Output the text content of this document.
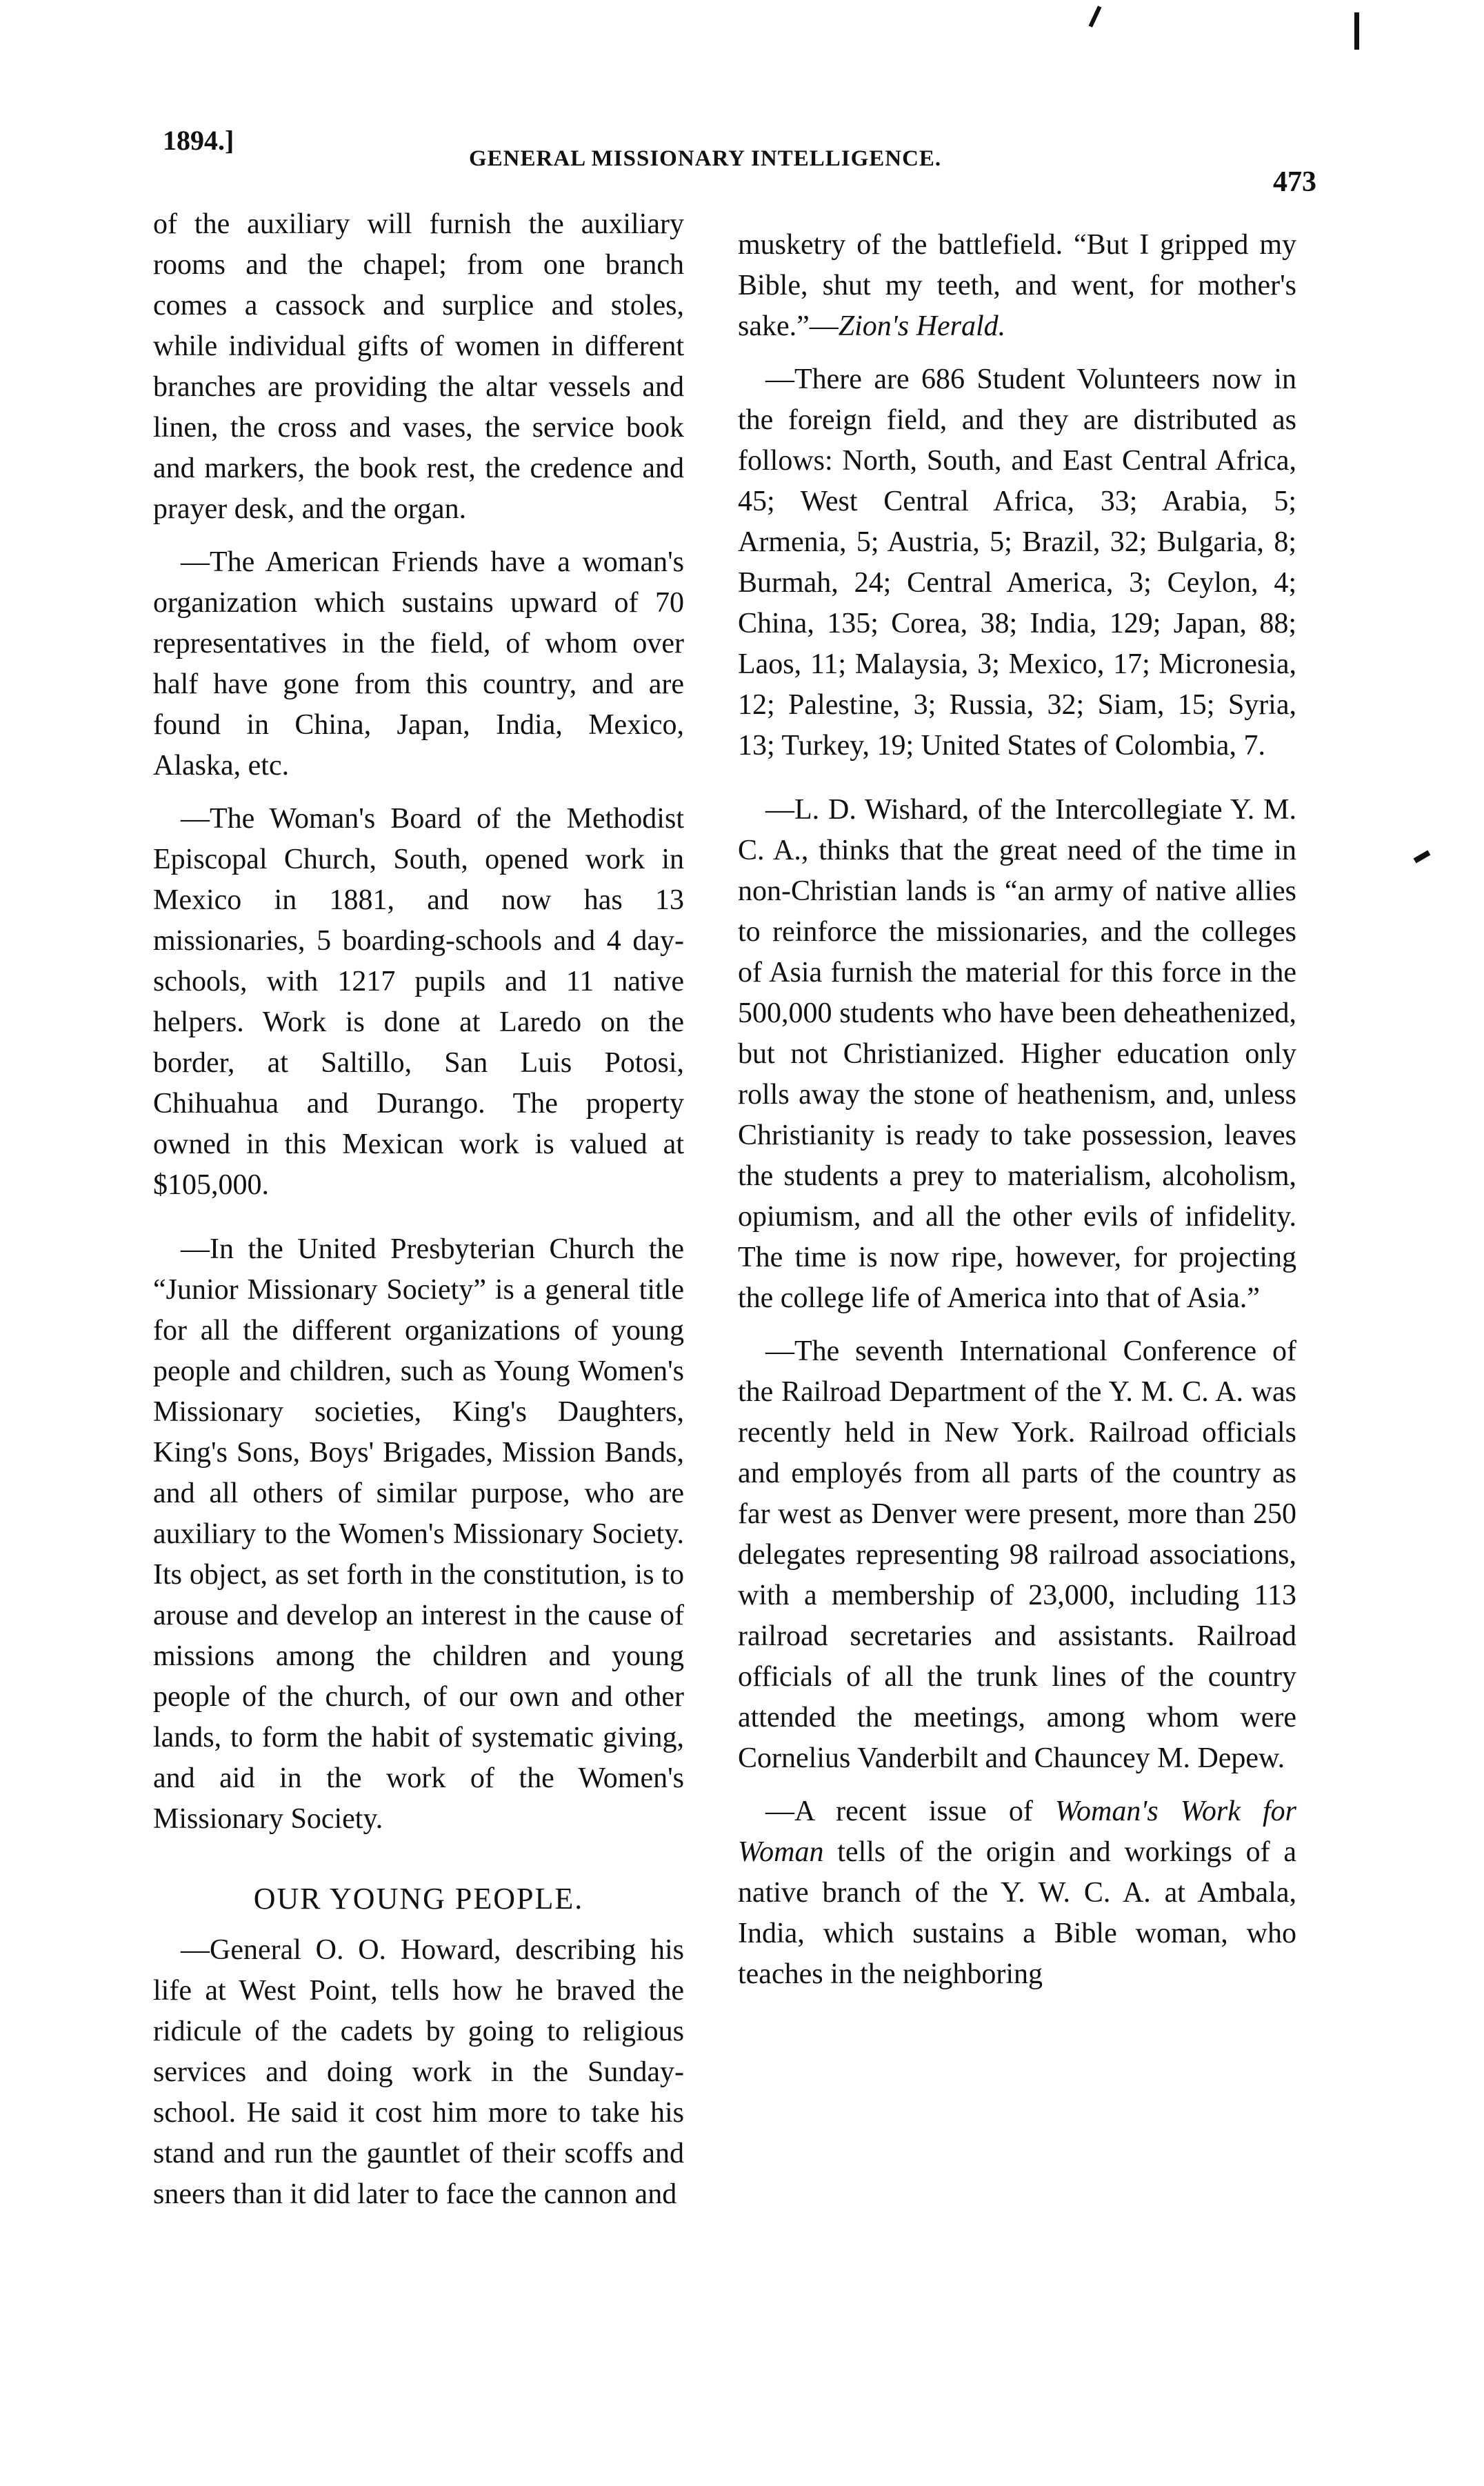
1894.]
GENERAL MISSIONARY INTELLIGENCE.
473

of the auxiliary will furnish the auxiliary rooms and the chapel; from one branch comes a cassock and surplice and stoles, while individual gifts of women in different branches are providing the altar vessels and linen, the cross and vases, the service book and markers, the book rest, the credence and prayer desk, and the organ.

—The American Friends have a woman's organization which sustains upward of 70 representatives in the field, of whom over half have gone from this country, and are found in China, Japan, India, Mexico, Alaska, etc.

—The Woman's Board of the Methodist Episcopal Church, South, opened work in Mexico in 1881, and now has 13 missionaries, 5 boarding-schools and 4 day-schools, with 1217 pupils and 11 native helpers. Work is done at Laredo on the border, at Saltillo, San Luis Potosi, Chihuahua and Durango. The property owned in this Mexican work is valued at $105,000.

—In the United Presbyterian Church the “Junior Missionary Society” is a general title for all the different organizations of young people and children, such as Young Women's Missionary societies, King's Daughters, King's Sons, Boys' Brigades, Mission Bands, and all others of similar purpose, who are auxiliary to the Women's Missionary Society. Its object, as set forth in the constitution, is to arouse and develop an interest in the cause of missions among the children and young people of the church, of our own and other lands, to form the habit of systematic giving, and aid in the work of the Women's Missionary Society.

OUR YOUNG PEOPLE.

—General O. O. Howard, describing his life at West Point, tells how he braved the ridicule of the cadets by going to religious services and doing work in the Sunday-school. He said it cost him more to take his stand and run the gauntlet of their scoffs and sneers than it did later to face the cannon and

musketry of the battlefield. “But I gripped my Bible, shut my teeth, and went, for mother's sake.”—Zion's Herald.

—There are 686 Student Volunteers now in the foreign field, and they are distributed as follows: North, South, and East Central Africa, 45; West Central Africa, 33; Arabia, 5; Armenia, 5; Austria, 5; Brazil, 32; Bulgaria, 8; Burmah, 24; Central America, 3; Ceylon, 4; China, 135; Corea, 38; India, 129; Japan, 88; Laos, 11; Malaysia, 3; Mexico, 17; Micronesia, 12; Palestine, 3; Russia, 32; Siam, 15; Syria, 13; Turkey, 19; United States of Colombia, 7.

—L. D. Wishard, of the Intercollegiate Y. M. C. A., thinks that the great need of the time in non-Christian lands is “an army of native allies to reinforce the missionaries, and the colleges of Asia furnish the material for this force in the 500,000 students who have been deheathenized, but not Christianized. Higher education only rolls away the stone of heathenism, and, unless Christianity is ready to take possession, leaves the students a prey to materialism, alcoholism, opiumism, and all the other evils of infidelity. The time is now ripe, however, for projecting the college life of America into that of Asia.”

—The seventh International Conference of the Railroad Department of the Y. M. C. A. was recently held in New York. Railroad officials and employés from all parts of the country as far west as Denver were present, more than 250 delegates representing 98 railroad associations, with a membership of 23,000, including 113 railroad secretaries and assistants. Railroad officials of all the trunk lines of the country attended the meetings, among whom were Cornelius Vanderbilt and Chauncey M. Depew.

—A recent issue of Woman's Work for Woman tells of the origin and workings of a native branch of the Y. W. C. A. at Ambala, India, which sustains a Bible woman, who teaches in the neighboring
